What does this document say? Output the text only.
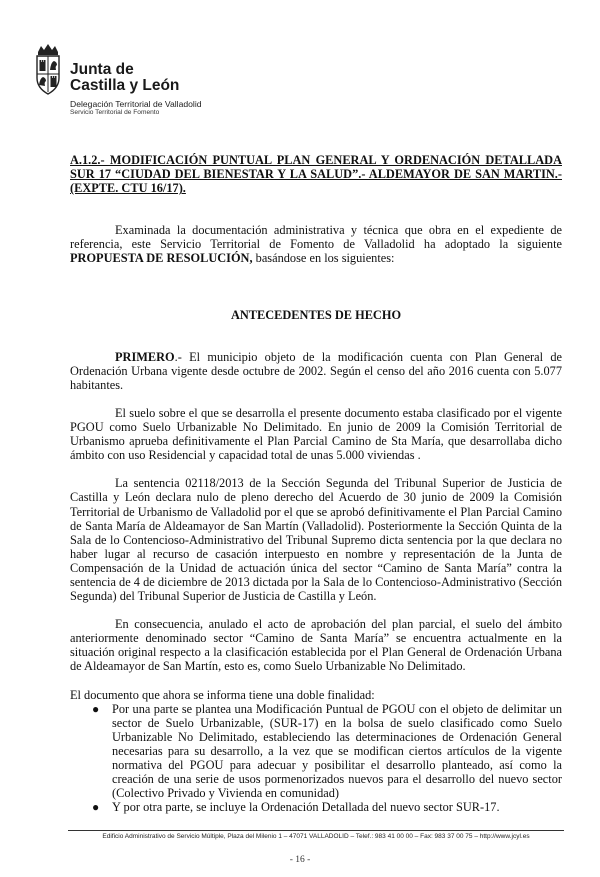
Junta de
Castilla y León
Delegación Territorial de Valladolid
Servicio Territorial de Fomento

A.1.2.- MODIFICACIÓN PUNTUAL PLAN GENERAL Y ORDENACIÓN DETALLADA SUR 17 “CIUDAD DEL BIENESTAR Y LA SALUD”.- ALDEMAYOR DE SAN MARTIN.- (EXPTE. CTU 16/17).

Examinada la documentación administrativa y técnica que obra en el expediente de referencia, este Servicio Territorial de Fomento de Valladolid ha adoptado la siguiente PROPUESTA DE RESOLUCIÓN, basándose en los siguientes:

ANTECEDENTES DE HECHO

PRIMERO.- El municipio objeto de la modificación cuenta con Plan General de Ordenación Urbana vigente desde octubre de 2002. Según el censo del año 2016 cuenta con 5.077 habitantes.

El suelo sobre el que se desarrolla el presente documento estaba clasificado por el vigente PGOU como Suelo Urbanizable No Delimitado. En junio de 2009 la Comisión Territorial de Urbanismo aprueba definitivamente el Plan Parcial Camino de Sta María, que desarrollaba dicho ámbito con uso Residencial y capacidad total de unas 5.000 viviendas .

La sentencia 02118/2013 de la Sección Segunda del Tribunal Superior de Justicia de Castilla y León declara nulo de pleno derecho del Acuerdo de 30 junio de 2009 la Comisión Territorial de Urbanismo de Valladolid por el que se aprobó definitivamente el Plan Parcial Camino de Santa María de Aldeamayor de San Martín (Valladolid). Posteriormente la Sección Quinta de la Sala de lo Contencioso-Administrativo del Tribunal Supremo dicta sentencia por la que declara no haber lugar al recurso de casación interpuesto en nombre y representación de la Junta de Compensación de la Unidad de actuación única del sector “Camino de Santa María” contra la sentencia de 4 de diciembre de 2013 dictada por la Sala de lo Contencioso-Administrativo (Sección Segunda) del Tribunal Superior de Justicia de Castilla y León.

En consecuencia, anulado el acto de aprobación del plan parcial, el suelo del ámbito anteriormente denominado sector “Camino de Santa María” se encuentra actualmente en la situación original respecto a la clasificación establecida por el Plan General de Ordenación Urbana de Aldeamayor de San Martín, esto es, como Suelo Urbanizable No Delimitado.

El documento que ahora se informa tiene una doble finalidad:

● Por una parte se plantea una Modificación Puntual de PGOU con el objeto de delimitar un sector de Suelo Urbanizable, (SUR-17) en la bolsa de suelo clasificado como Suelo Urbanizable No Delimitado, estableciendo las determinaciones de Ordenación General necesarias para su desarrollo, a la vez que se modifican ciertos artículos de la vigente normativa del PGOU para adecuar y posibilitar el desarrollo planteado, así como la creación de una serie de usos pormenorizados nuevos para el desarrollo del nuevo sector (Colectivo Privado y Vivienda en comunidad)
● Y por otra parte, se incluye la Ordenación Detallada del nuevo sector SUR-17.
Edificio Administrativo de Servicio Múltiple, Plaza del Milenio 1 – 47071 VALLADOLID – Telef.: 983 41 00 00 – Fax: 983 37 00 75 – http://www.jcyl.es
- 16 -
